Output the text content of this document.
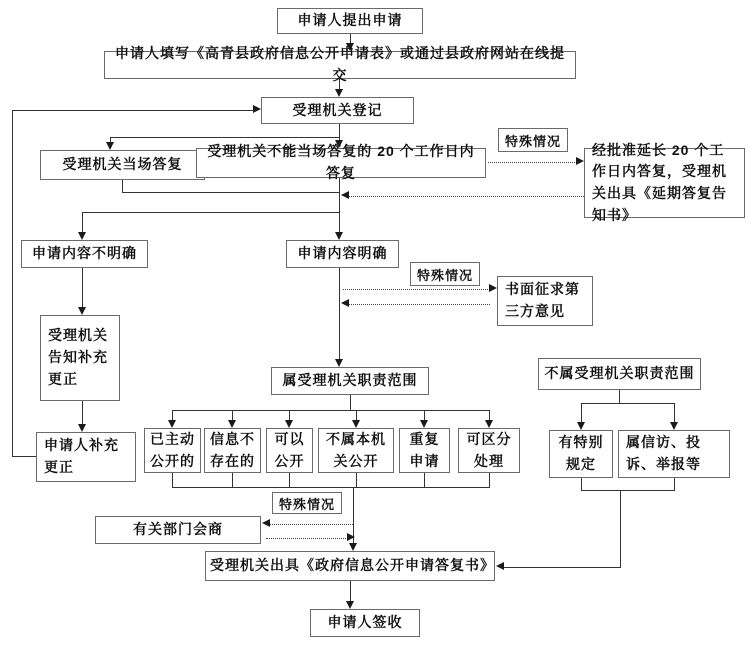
申请人提出申请
申请人填写《高青县政府信息公开申请表》或通过县政府网站在线提交
受理机关登记
受理机关当场答复
受理机关不能当场答复的 20 个工作日内答复
特殊情况
经批准延长 20 个工作日内答复，受理机关出具《延期答复告知书》
申请内容不明确	申请内容明确
特殊情况
书面征求第三方意见
受理机关告知补充更正
申请人补充更正
属受理机关职责范围	不属受理机关职责范围
已主动公开的
信息不存在的
可以公开
不属本机关公开
重复申请
可区分处理
有特别规定
属信访、投诉、举报等
特殊情况
有关部门会商
受理机关出具《政府信息公开申请答复书》
申请人签收
